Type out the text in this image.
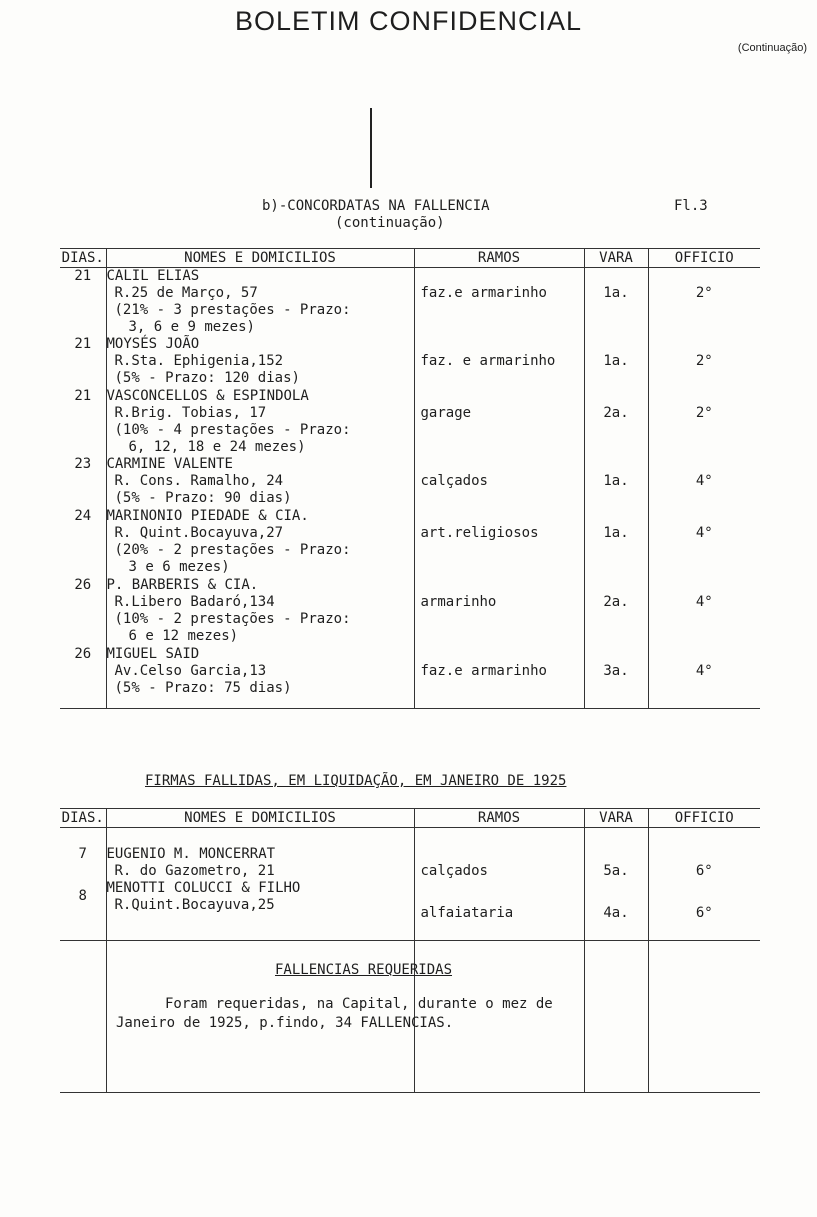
BOLETIM CONFIDENCIAL
(Continuação)
b)-CONCORDATAS NA FALLENCIA
(continuação)
Fl.3
DIAS.	NOMES E DOMICILIOS	RAMOS	VARA	OFFICIO
21	CALIL ELIAS
R.25 de Março, 57
(21% - 3 prestações - Prazo:
3, 6 e 9 mezes)	faz.e armarinho	1a.	2°
21	MOYSÉS JOÃO
R.Sta. Ephigenia,152
(5% - Prazo: 120 dias)	faz. e armarinho	1a.	2°
21	VASCONCELLOS & ESPINDOLA
R.Brig. Tobias, 17
(10% - 4 prestações - Prazo:
6, 12, 18 e 24 mezes)	garage	2a.	2°
23	CARMINE VALENTE
R. Cons. Ramalho, 24
(5% - Prazo: 90 dias)	calçados	1a.	4°
24	MARINONIO PIEDADE & CIA.
R. Quint.Bocayuva,27
(20% - 2 prestações - Prazo:
3 e 6 mezes)	art.religiosos	1a.	4°
26	P. BARBERIS & CIA.
R.Libero Badaró,134
(10% - 2 prestações - Prazo:
6 e 12 mezes)	armarinho	2a.	4°
26	MIGUEL SAID
Av.Celso Garcia,13
(5% - Prazo: 75 dias)	faz.e armarinho	3a.	4°
FIRMAS FALLIDAS, EM LIQUIDAÇÃO, EM JANEIRO DE 1925
DIAS.	NOMES E DOMICILIOS	RAMOS	VARA	OFFICIO
7	EUGENIO M. MONCERRAT
R. do Gazometro, 21	calçados	5a.	6°
8	MENOTTI COLUCCI & FILHO
R.Quint.Bocayuva,25	alfaiataria	4a.	6°

FALLENCIAS REQUERIDAS
Foram requeridas, na Capital, durante o mez de
Janeiro de 1925, p.findo, 34 FALLENCIAS.
